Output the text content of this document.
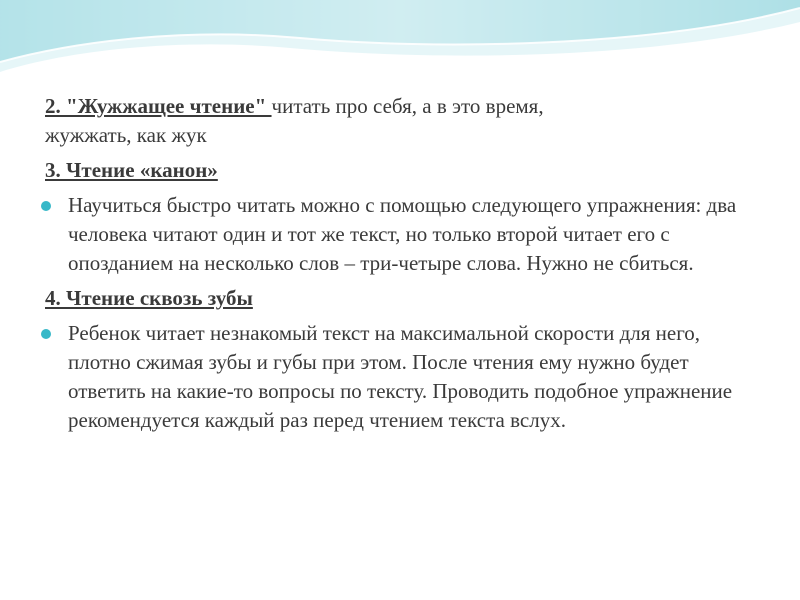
2. "Жужжащее чтение" читать про себя, а в это время,
жужжать, как жук
3. Чтение «канон»
Научиться быстро читать можно с помощью следующего упражнения: два человека читают один и тот же текст, но только второй читает его с опозданием на несколько слов – три-четыре слова. Нужно не сбиться.
4. Чтение сквозь зубы
Ребенок читает незнакомый текст на максимальной скорости для него, плотно сжимая зубы и губы при этом. После чтения ему нужно будет ответить на какие-то вопросы по тексту. Проводить подобное упражнение рекомендуется каждый раз перед чтением текста вслух.
